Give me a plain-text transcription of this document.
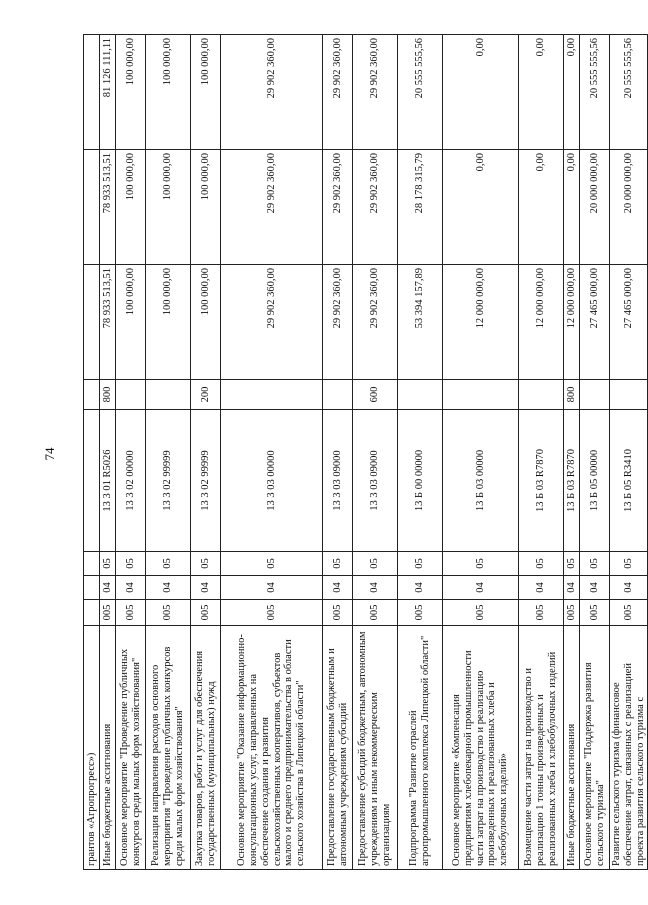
74
грантов «Агропрогресс»)								
Иные бюджетные ассигнования	005	04	05	13 3 01 R5026	800	78 933 513,51	78 933 513,51	81 126 111,11
Основное мероприятие "Проведение публичных конкурсов среди малых форм хозяйствования"	005	04	05	13 3 02 00000		100 000,00	100 000,00	100 000,00
Реализация направления расходов основного мероприятия "Проведение публичных конкурсов среди малых форм хозяйствования"	005	04	05	13 3 02 99999		100 000,00	100 000,00	100 000,00
Закупка товаров, работ и услуг для обеспечения государственных (муниципальных) нужд	005	04	05	13 3 02 99999	200	100 000,00	100 000,00	100 000,00
Основное мероприятие "Оказание информационно-консультационных услуг, направленных на обеспечение создания и развития сельскохозяйственных кооперативов, субъектов малого и среднего предпринимательства в области сельского хозяйства в Липецкой области"	005	04	05	13 3 03 00000		29 902 360,00	29 902 360,00	29 902 360,00
Предоставление государственным бюджетным и автономным учреждениям субсидий	005	04	05	13 3 03 09000		29 902 360,00	29 902 360,00	29 902 360,00
Предоставление субсидий бюджетным, автономным учреждениям и иным некоммерческим организациям	005	04	05	13 3 03 09000	600	29 902 360,00	29 902 360,00	29 902 360,00
Подпрограмма "Развитие отраслей агропромышленного комплекса Липецкой области"	005	04	05	13 Б 00 00000		53 394 157,89	28 178 315,79	20 555 555,56
Основное мероприятие «Компенсация предприятиям хлебопекарной промышленности части затрат на производство и реализацию произведенных и реализованных хлеба и хлебобулочных изделий»	005	04	05	13 Б 03 00000		12 000 000,00	0,00	0,00
Возмещение части затрат на производство и реализацию 1 тонны произведенных и реализованных хлеба и хлебобулочных изделий	005	04	05	13 Б 03 R7870		12 000 000,00	0,00	0,00
Иные бюджетные ассигнования	005	04	05	13 Б 03 R7870	800	12 000 000,00	0,00	0,00
Основное мероприятие "Поддержка развития сельского туризма"	005	04	05	13 Б 05 00000		27 465 000,00	20 000 000,00	20 555 555,56
Развитие сельского туризма (финансовое обеспечение затрат, связанных с реализацией проекта развития сельского туризма с	005	04	05	13 Б 05 R3410		27 465 000,00	20 000 000,00	20 555 555,56
